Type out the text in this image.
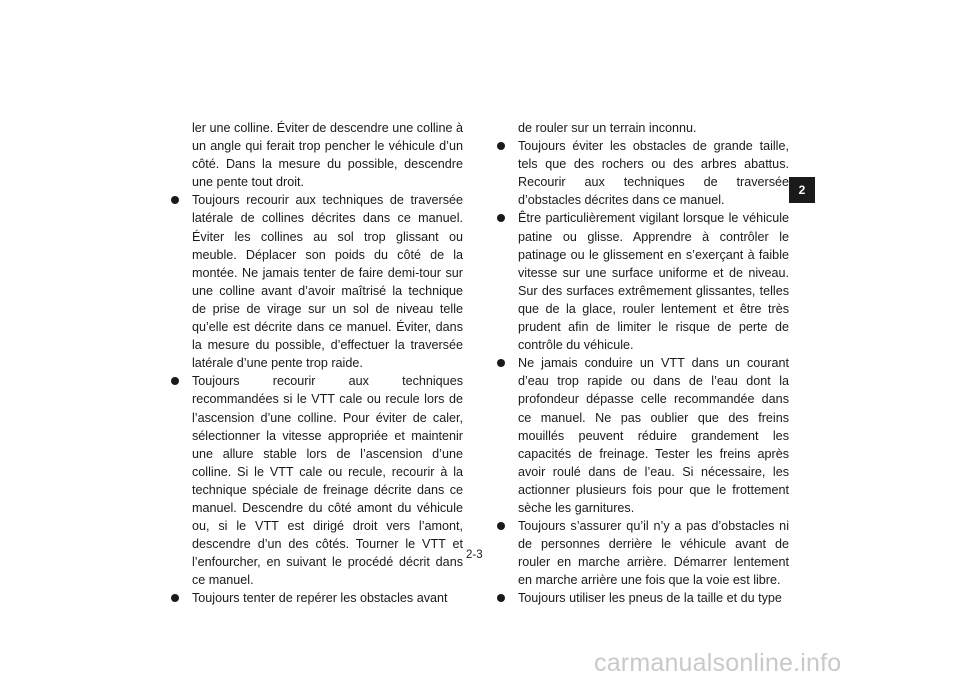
ler une colline. Éviter de descendre une colline à un angle qui ferait trop pencher le véhicule d’un côté. Dans la mesure du possible, descendre une pente tout droit.

Toujours recourir aux techniques de traversée latérale de collines décrites dans ce manuel. Éviter les collines au sol trop glissant ou meuble. Déplacer son poids du côté de la montée. Ne jamais tenter de faire demi-tour sur une colline avant d’avoir maîtrisé la technique de prise de virage sur un sol de niveau telle qu’elle est décrite dans ce manuel. Éviter, dans la mesure du possible, d’effectuer la traversée latérale d’une pente trop raide.

Toujours recourir aux techniques recommandées si le VTT cale ou recule lors de l’ascension d’une colline. Pour éviter de caler, sélectionner la vitesse appropriée et maintenir une allure stable lors de l’ascension d’une colline. Si le VTT cale ou recule, recourir à la technique spéciale de freinage décrite dans ce manuel. Descendre du côté amont du véhicule ou, si le VTT est dirigé droit vers l’amont, descendre d’un des côtés. Tourner le VTT et l’enfourcher, en suivant le procédé décrit dans ce manuel.

Toujours tenter de repérer les obstacles avant

de rouler sur un terrain inconnu.

Toujours éviter les obstacles de grande taille, tels que des rochers ou des arbres abattus. Recourir aux techniques de traversée d’obstacles décrites dans ce manuel.

Être particulièrement vigilant lorsque le véhicule patine ou glisse. Apprendre à contrôler le patinage ou le glissement en s’exerçant à faible vitesse sur une surface uniforme et de niveau. Sur des surfaces extrêmement glissantes, telles que de la glace, rouler lentement et être très prudent afin de limiter le risque de perte de contrôle du véhicule.

Ne jamais conduire un VTT dans un courant d’eau trop rapide ou dans de l’eau dont la profondeur dépasse celle recommandée dans ce manuel. Ne pas oublier que des freins mouillés peuvent réduire grandement les capacités de freinage. Tester les freins après avoir roulé dans de l’eau. Si nécessaire, les actionner plusieurs fois pour que le frottement sèche les garnitures.

Toujours s’assurer qu’il n’y a pas d’obstacles ni de personnes derrière le véhicule avant de rouler en marche arrière. Démarrer lentement en marche arrière une fois que la voie est libre.

Toujours utiliser les pneus de la taille et du type

2
2-3
carmanualsonline.info
